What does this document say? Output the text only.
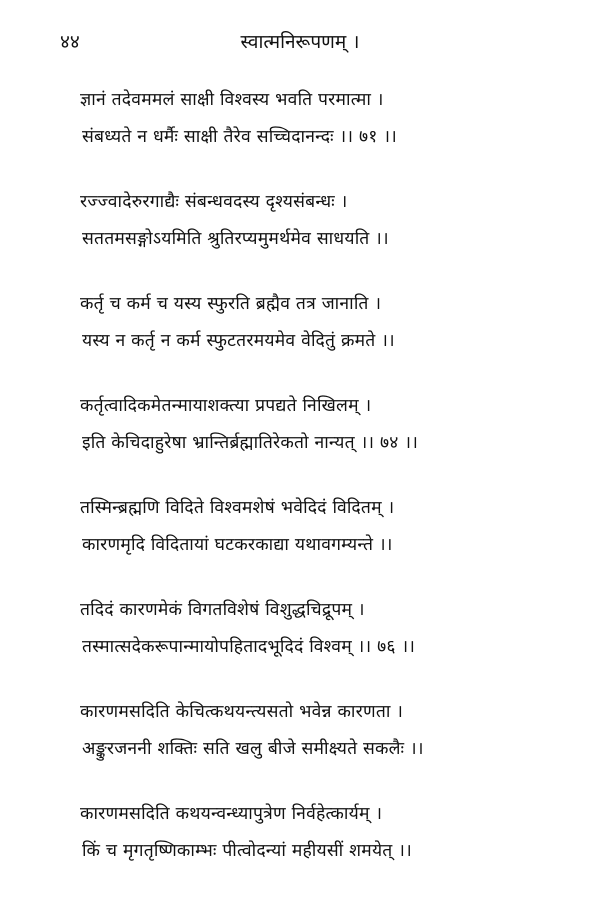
स्वात्मनिरूपणम् ।
४४
ज्ञानं तदेवममलं साक्षी विश्वस्य भवति परमात्मा ।
संबध्यते न धर्मैः साक्षी तैरेव सच्चिदानन्दः ।। ७१ ।।
रज्ज्वादेरुरगाद्यैः संबन्धवदस्य दृश्यसंबन्धः ।
सततमसङ्गोऽयमिति श्रुतिरप्यमुमर्थमेव साधयति ।।
कर्तृ च कर्म च यस्य स्फुरति ब्रह्मैव तत्र जानाति ।
यस्य न कर्तृ न कर्म स्फुटतरमयमेव वेदितुं क्रमते ।।
कर्तृत्वादिकमेतन्मायाशक्त्या प्रपद्यते निखिलम् ।
इति केचिदाहुरेषा भ्रान्तिर्ब्रह्मातिरेकतो नान्यत् ।। ७४ ।।
तस्मिन्ब्रह्मणि विदिते विश्वमशेषं भवेदिदं विदितम् ।
कारणमृदि विदितायां घटकरकाद्या यथावगम्यन्ते ।।
तदिदं कारणमेकं विगतविशेषं विशुद्धचिद्रूपम् ।
तस्मात्सदेकरूपान्मायोपहितादभूदिदं विश्वम् ।। ७६ ।।
कारणमसदिति केचित्कथयन्त्यसतो भवेन्न कारणता ।
अङ्कुरजननी शक्तिः सति खलु बीजे समीक्ष्यते सकलैः ।।
कारणमसदिति कथयन्वन्ध्यापुत्रेण निर्वहेत्कार्यम् ।
किं च मृगतृष्णिकाम्भः पीत्वोदन्यां महीयसीं शमयेत् ।।
